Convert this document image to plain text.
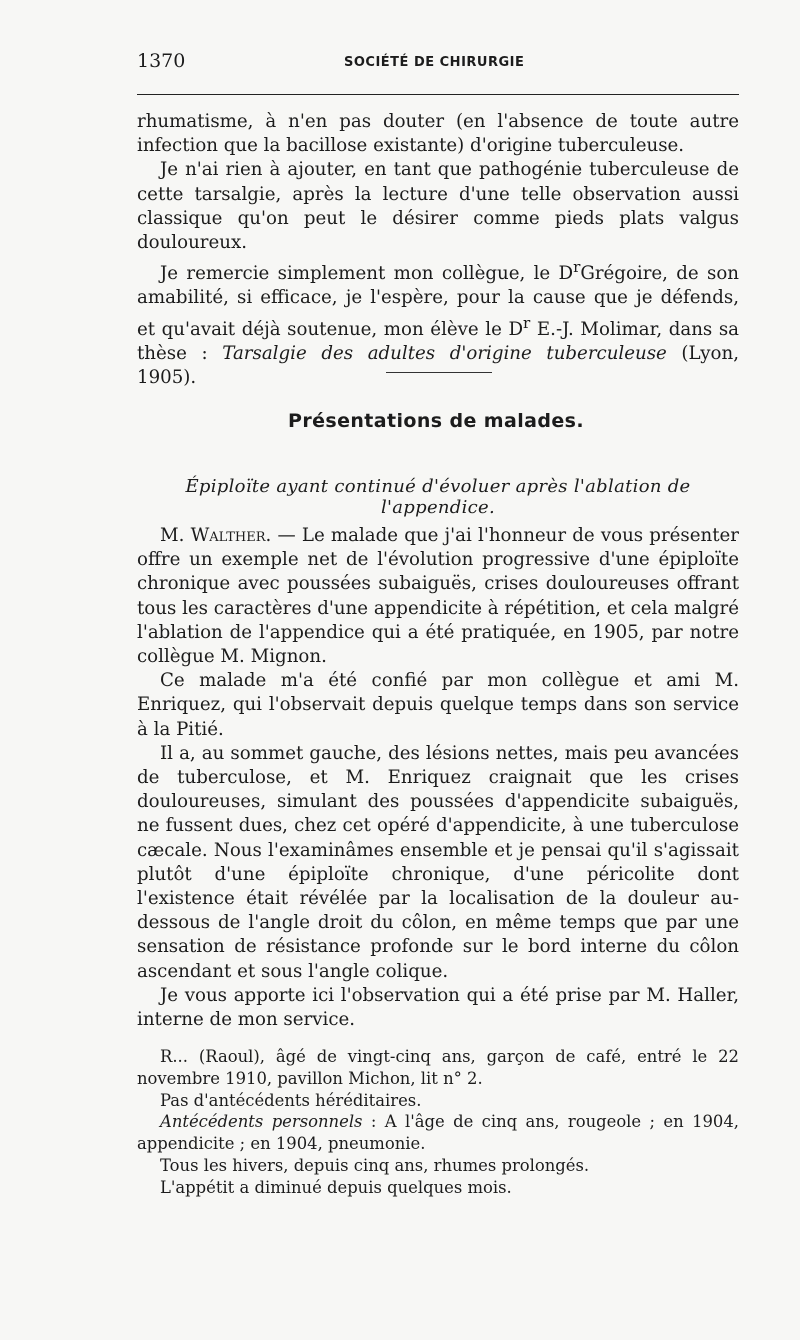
1370	SOCIÉTÉ DE CHIRURGIE

rhumatisme, à n'en pas douter (en l'absence de toute autre infection que la bacillose existante) d'origine tuberculeuse.

Je n'ai rien à ajouter, en tant que pathogénie tuberculeuse de cette tarsalgie, après la lecture d'une telle observation aussi classique qu'on peut le désirer comme pieds plats valgus douloureux.

Je remercie simplement mon collègue, le $D^rGrégoire$, de son amabilité, si efficace, je l'espère, pour la cause que je défends, et qu'avait déjà soutenue, mon élève le $D^r$ E.-J. Molimar, dans sa thèse : Tarsalgie des adultes d'origine tuberculeuse (Lyon, 1905).

Présentations de malades.
Épiploïte ayant continué d'évoluer après l'ablation de l'appendice.

M. Walther. — Le malade que j'ai l'honneur de vous présenter offre un exemple net de l'évolution progressive d'une épiploïte chronique avec poussées subaiguës, crises douloureuses offrant tous les caractères d'une appendicite à répétition, et cela malgré l'ablation de l'appendice qui a été pratiquée, en 1905, par notre collègue M. Mignon.

Ce malade m'a été confié par mon collègue et ami M. Enriquez, qui l'observait depuis quelque temps dans son service à la Pitié.

Il a, au sommet gauche, des lésions nettes, mais peu avancées de tuberculose, et M. Enriquez craignait que les crises douloureuses, simulant des poussées d'appendicite subaiguës, ne fussent dues, chez cet opéré d'appendicite, à une tuberculose cæcale. Nous l'examinâmes ensemble et je pensai qu'il s'agissait plutôt d'une épiploïte chronique, d'une péricolite dont l'existence était révélée par la localisation de la douleur au-dessous de l'angle droit du côlon, en même temps que par une sensation de résistance profonde sur le bord interne du côlon ascendant et sous l'angle colique.

Je vous apporte ici l'observation qui a été prise par M. Haller, interne de mon service.

R... (Raoul), âgé de vingt-cinq ans, garçon de café, entré le 22 novembre 1910, pavillon Michon, lit n° 2.

Pas d'antécédents héréditaires.

Antécédents personnels : A l'âge de cinq ans, rougeole ; en 1904, appendicite ; en 1904, pneumonie.

Tous les hivers, depuis cinq ans, rhumes prolongés.

L'appétit a diminué depuis quelques mois.
